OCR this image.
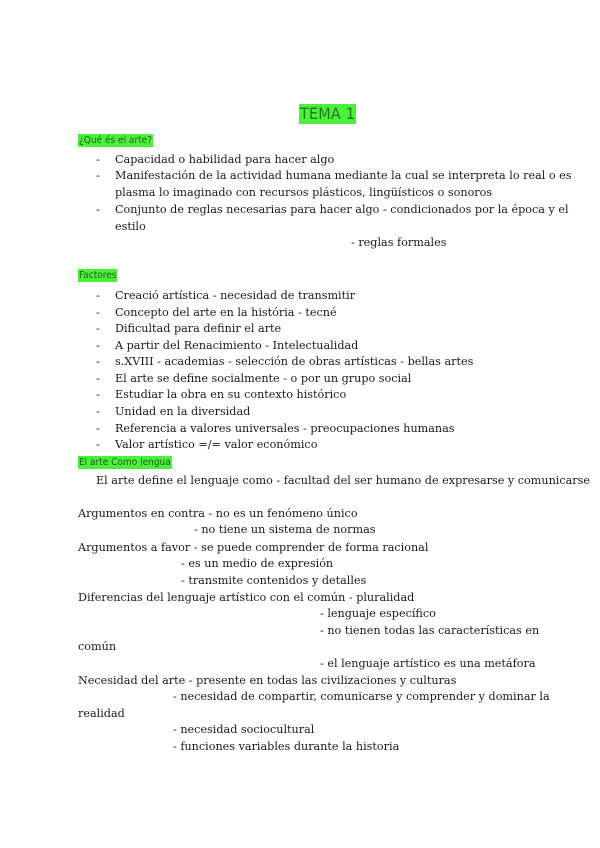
TEMA 1
¿Qué és el arte?
- Capacidad o habilidad para hacer algo
- Manifestación de la actividad humana mediante la cual se interpreta lo real o es
plasma lo imaginado con recursos plásticos, lingüísticos o sonoros
- Conjunto de reglas necesarias para hacer algo - condicionados por la época y el
estilo
- reglas formales
Factores
- Creació artística - necesidad de transmitir
- Concepto del arte en la história - tecné
- Dificultad para definir el arte
- A partir del Renacimiento - Intelectualidad
- s.XVIII - academias - selección de obras artísticas - bellas artes
- El arte se define socialmente - o por un grupo social
- Estudiar la obra en su contexto histórico
- Unidad en la diversidad
- Referencia a valores universales - preocupaciones humanas
- Valor artístico =/= valor económico
El arte Como lengua
El arte define el lenguaje como - facultad del ser humano de expresarse y comunicarse
Argumentos en contra - no es un fenómeno único
- no tiene un sistema de normas
Argumentos a favor - se puede comprender de forma racional
- es un medio de expresión
- transmite contenidos y detalles
Diferencias del lenguaje artístico con el común - pluralidad
- lenguaje específico
- no tienen todas las características en
común
- el lenguaje artístico es una metáfora
Necesidad del arte - presente en todas las civilizaciones y culturas
- necesidad de compartir, comunicarse y comprender y dominar la
realidad
- necesidad sociocultural
- funciones variables durante la historia
